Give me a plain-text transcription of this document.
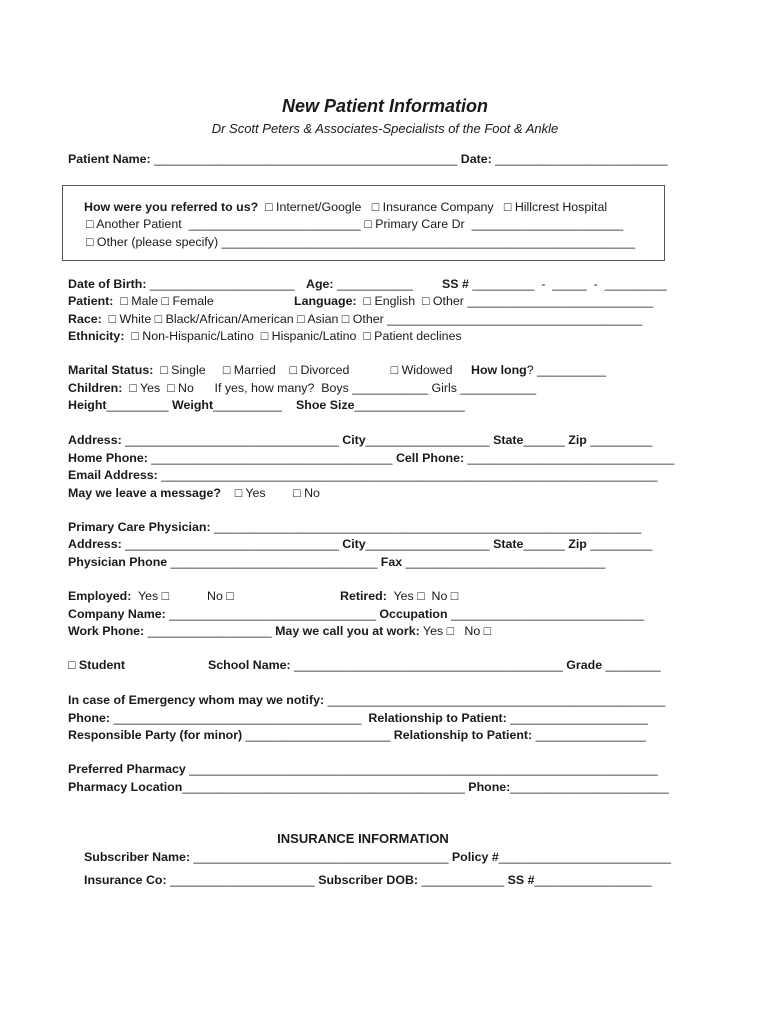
New Patient Information
Dr Scott Peters & Associates-Specialists of the Foot & Ankle
Patient Name: ____________________________________________ Date: _________________________
How were you referred to us?  □ Internet/Google   □ Insurance Company   □ Hillcrest Hospital
□ Another Patient  _________________________ □ Primary Care Dr  ______________________
□ Other (please specify) ____________________________________________________________
Date of Birth: _____________________ Age: ___________ SS # _________  -  _____  -  _________
Patient:  □ Male □ Female	Language:  □ English  □ Other ___________________________
Race:  □ White □ Black/African/American □ Asian □ Other _____________________________________
Ethnicity:  □ Non-Hispanic/Latino  □ Hispanic/Latino  □ Patient declines
Marital Status:  □ Single     □ Married    □ Divorced            □ Widowed How long? __________
Children:  □ Yes  □ No      If yes, how many?  Boys ___________ Girls ___________
Height_________ Weight__________ Shoe Size________________
Address: _______________________________ City__________________ State______ Zip _________
Home Phone: ___________________________________ Cell Phone: ______________________________
Email Address: ________________________________________________________________________
May we leave a message?    □ Yes        □ No
Primary Care Physician: ______________________________________________________________
Address: _______________________________ City__________________ State______ Zip _________
Physician Phone ______________________________ Fax _____________________________
Employed:  Yes □           No □	Retired:  Yes □  No □
Company Name: ______________________________ Occupation ____________________________
Work Phone: __________________ May we call you at work: Yes □   No □
□ Student	School Name: _______________________________________ Grade ________
In case of Emergency whom may we notify: _________________________________________________
Phone: ____________________________________  Relationship to Patient: ____________________
Responsible Party (for minor) _____________________ Relationship to Patient: ________________
Preferred Pharmacy ____________________________________________________________________
Pharmacy Location_________________________________________ Phone:_______________________
INSURANCE INFORMATION
Subscriber Name: _____________________________________ Policy #_________________________
Insurance Co: _____________________ Subscriber DOB: ____________ SS #_________________
